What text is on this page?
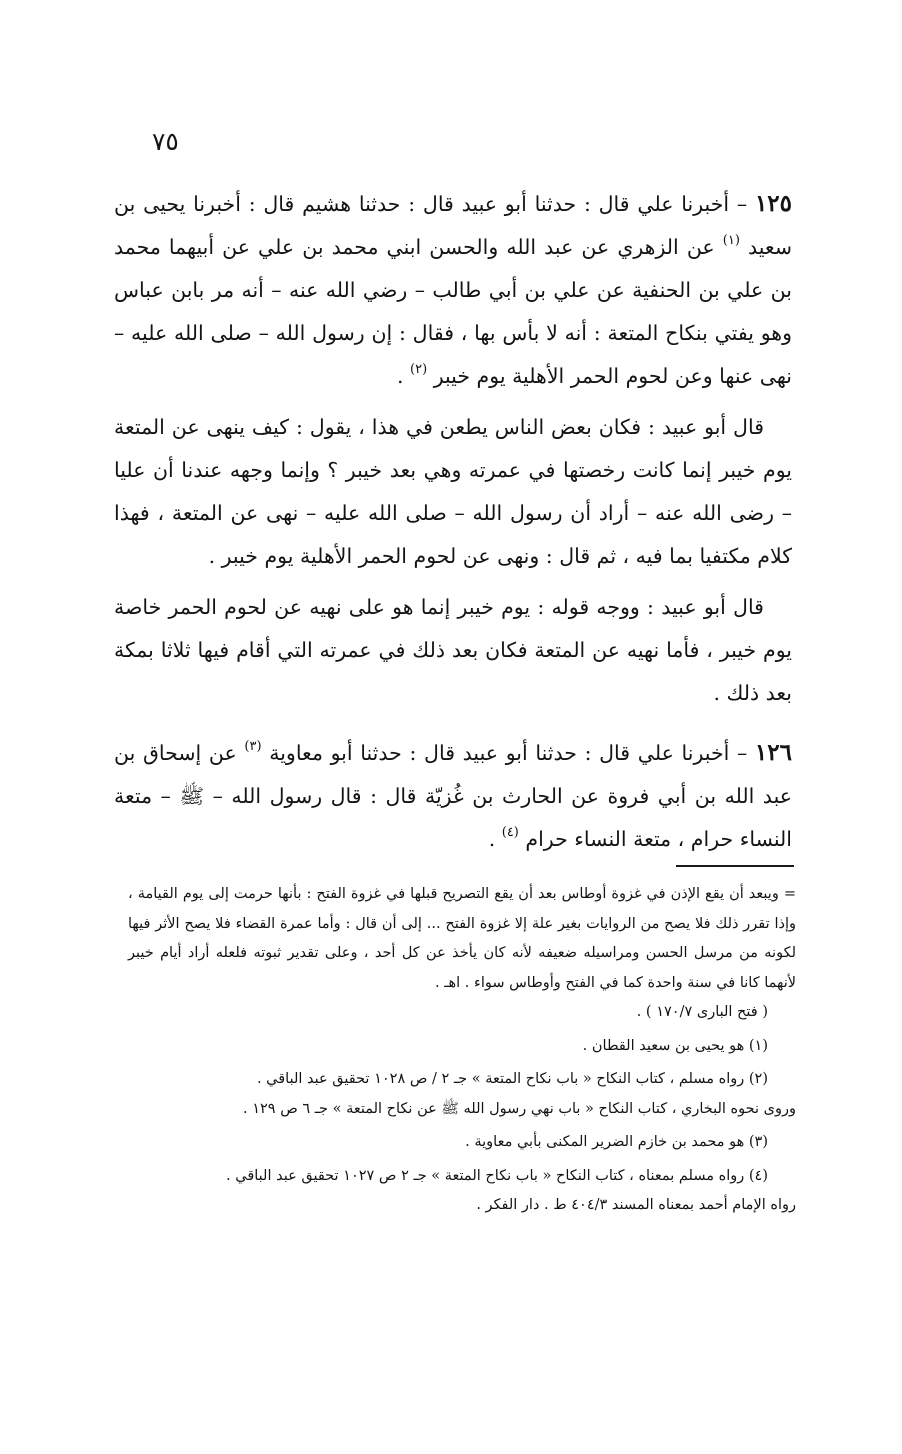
٧٥

١٢٥ – أخبرنا علي قال : حدثنا أبو عبيد قال : حدثنا هشيم قال : أخبرنا يحيى بن سعيد $^{(١)}$ عن الزهري عن عبد الله والحسن ابني محمد بن علي عن أبيهما محمد بن علي بن الحنفية عن علي بن أبي طالب – رضي الله عنه – أنه مر بابن عباس وهو يفتي بنكاح المتعة : أنه لا بأس بها ، فقال : إن رسول الله – صلى الله عليه – نهى عنها وعن لحوم الحمر الأهلية يوم خيبر $^{(٢)}$ .

قال أبو عبيد : فكان بعض الناس يطعن في هذا ، يقول : كيف ينهى عن المتعة يوم خيبر إنما كانت رخصتها في عمرته وهي بعد خيبر ؟ وإنما وجهه عندنا أن عليا – رضى الله عنه – أراد أن رسول الله – صلى الله عليه – نهى عن المتعة ، فهذا كلام مكتفيا بما فيه ، ثم قال : ونهى عن لحوم الحمر الأهلية يوم خيبر .

قال أبو عبيد : ووجه قوله : يوم خيبر إنما هو على نهيه عن لحوم الحمر خاصة يوم خيبر ، فأما نهيه عن المتعة فكان بعد ذلك في عمرته التي أقام فيها ثلاثا بمكة بعد ذلك .

١٢٦ – أخبرنا علي قال : حدثنا أبو عبيد قال : حدثنا أبو معاوية $^{(٣)}$ عن إسحاق بن عبد الله بن أبي فروة عن الحارث بن غُزيّة قال : قال رسول الله – ﷺ – متعة النساء حرام ، متعة النساء حرام $^{(٤)}$ .

= ويبعد أن يقع الإذن في غزوة أوطاس بعد أن يقع التصريح قبلها في غزوة الفتح : بأنها حرمت إلى يوم القيامة ، وإذا تقرر ذلك فلا يصح من الروايات بغير علة إلا غزوة الفتح ... إلى أن قال : وأما عمرة القضاء فلا يصح الأثر فيها لكونه من مرسل الحسن ومراسيله ضعيفه لأنه كان يأخذ عن كل أحد ، وعلى تقدير ثبوته فلعله أراد أيام خيبر لأنهما كانا في سنة واحدة كما في الفتح وأوطاس سواء . اهـ .

( فتح البارى ١٧٠/٧ ) .

(١) هو يحيى بن سعيد القطان .

(٢) رواه مسلم ، كتاب النكاح « باب نكاح المتعة » جـ ٢ / ص ١٠٢٨ تحقيق عبد الباقي .

وروى نحوه البخاري ، كتاب النكاح « باب نهي رسول الله ﷺ عن نكاح المتعة » جـ ٦ ص ١٢٩ .

(٣) هو محمد بن خازم الضرير المكنى بأبي معاوية .

(٤) رواه مسلم بمعناه ، كتاب النكاح « باب نكاح المتعة » جـ ٢ ص ١٠٢٧ تحقيق عبد الباقي .

رواه الإمام أحمد بمعناه المسند ٤٠٤/٣ ط . دار الفكر .
